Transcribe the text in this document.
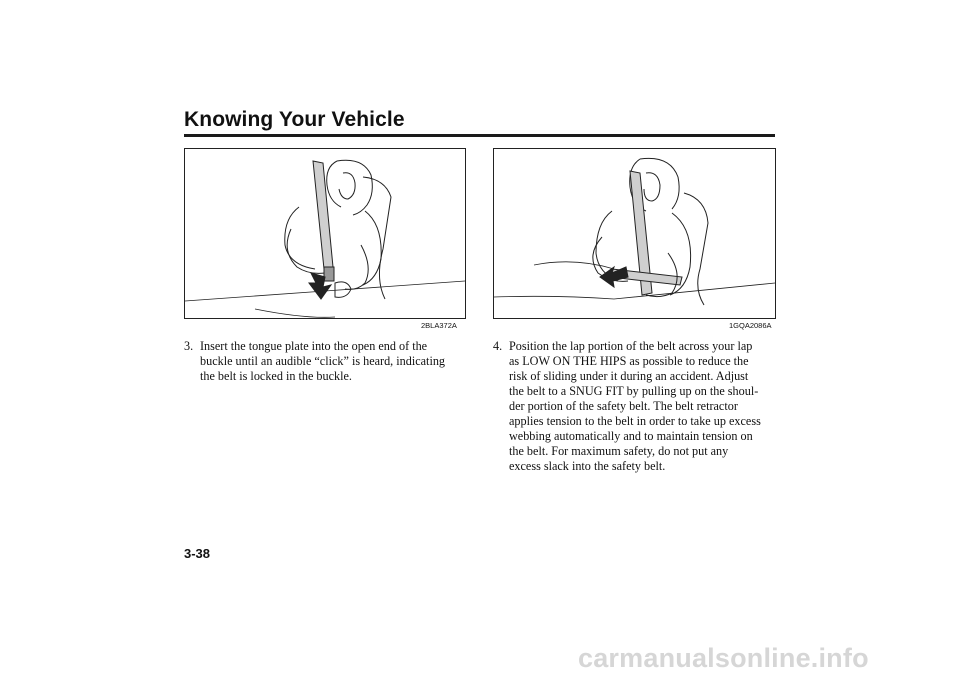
Knowing Your Vehicle
2BLA372A	1GQA2086A
3. Insert the tongue plate into the open end of the
buckle until an audible “click” is heard, indicating
the belt is locked in the buckle.
4. Position the lap portion of the belt across your lap
as LOW ON THE HIPS as possible to reduce the
risk of sliding under it during an accident. Adjust
the belt to a SNUG FIT by pulling up on the shoul-
der portion of the safety belt. The belt retractor
applies tension to the belt in order to take up excess
webbing automatically and to maintain tension on
the belt. For maximum safety, do not put any
excess slack into the safety belt.
3-38
carmanualsonline.info
